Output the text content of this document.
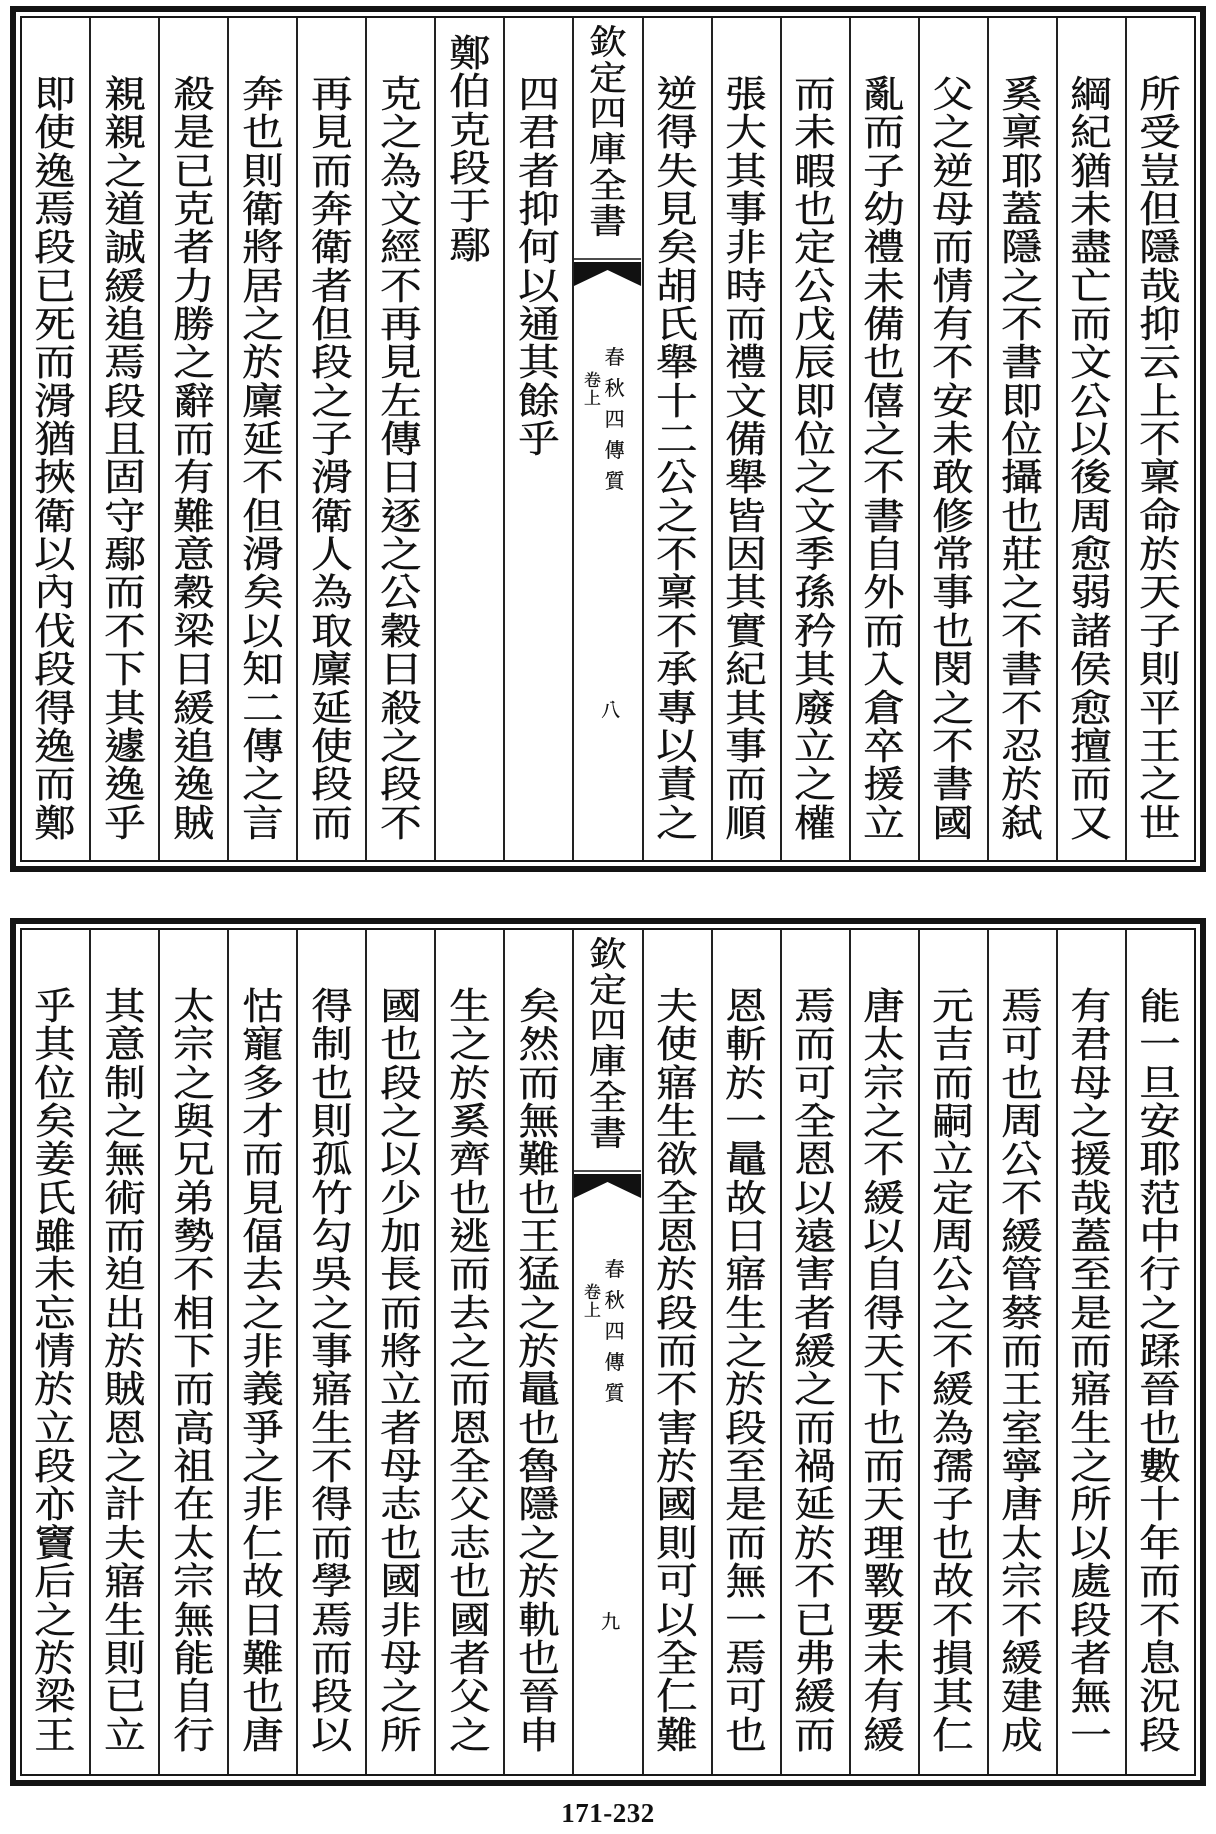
所受豈但隱哉抑云上不稟命於天子則平王之世
綱紀猶未盡亡而文公以後周愈弱諸侯愈擅而又
奚稟耶蓋隱之不書即位攝也莊之不書不忍於弑
父之逆母而情有不安未敢修常事也閔之不書國
亂而子幼禮未備也僖之不書自外而入倉卒援立
而未暇也定公戊辰即位之文季孫矜其廢立之權
張大其事非時而禮文備舉皆因其實紀其事而順
逆得失見矣胡氏舉十二公之不稟不承專以責之
欽定四庫全書
春秋四傳質
卷上
八
四君者抑何以通其餘乎
鄭伯克段于鄢
克之為文經不再見左傳曰逐之公穀曰殺之段不
再見而奔衛者但段之子滑衛人為取廩延使段而
奔也則衛將居之於廩延不但滑矣以知二傳之言
殺是已克者力勝之辭而有難意穀梁曰緩追逸賊
親親之道誠緩追焉段且固守鄢而不下其遽逸乎
即使逸焉段已死而滑猶挾衛以內伐段得逸而鄭
能一旦安耶范中行之蹂晉也數十年而不息況段
有君母之援哉蓋至是而寤生之所以處段者無一
焉可也周公不緩管蔡而王室寧唐太宗不緩建成
元吉而嗣立定周公之不緩為孺子也故不損其仁
唐太宗之不緩以自得天下也而天理斁要未有緩
焉而可全恩以遠害者緩之而禍延於不已弗緩而
恩斬於一鼂故曰寤生之於段至是而無一焉可也
夫使寤生欲全恩於段而不害於國則可以全仁難
欽定四庫全書
春秋四傳質
卷上
九
矣然而無難也王猛之於鼂也魯隱之於軌也晉申
生之於奚齊也逃而去之而恩全父志也國者父之
國也段之以少加長而將立者母志也國非母之所
得制也則孤竹勾吳之事寤生不得而學焉而段以
怙寵多才而見偪去之非義爭之非仁故曰難也唐
太宗之與兄弟勢不相下而高祖在太宗無能自行
其意制之無術而迫出於賊恩之計夫寤生則已立
乎其位矣姜氏雖未忘情於立段亦竇后之於梁王
171-232
